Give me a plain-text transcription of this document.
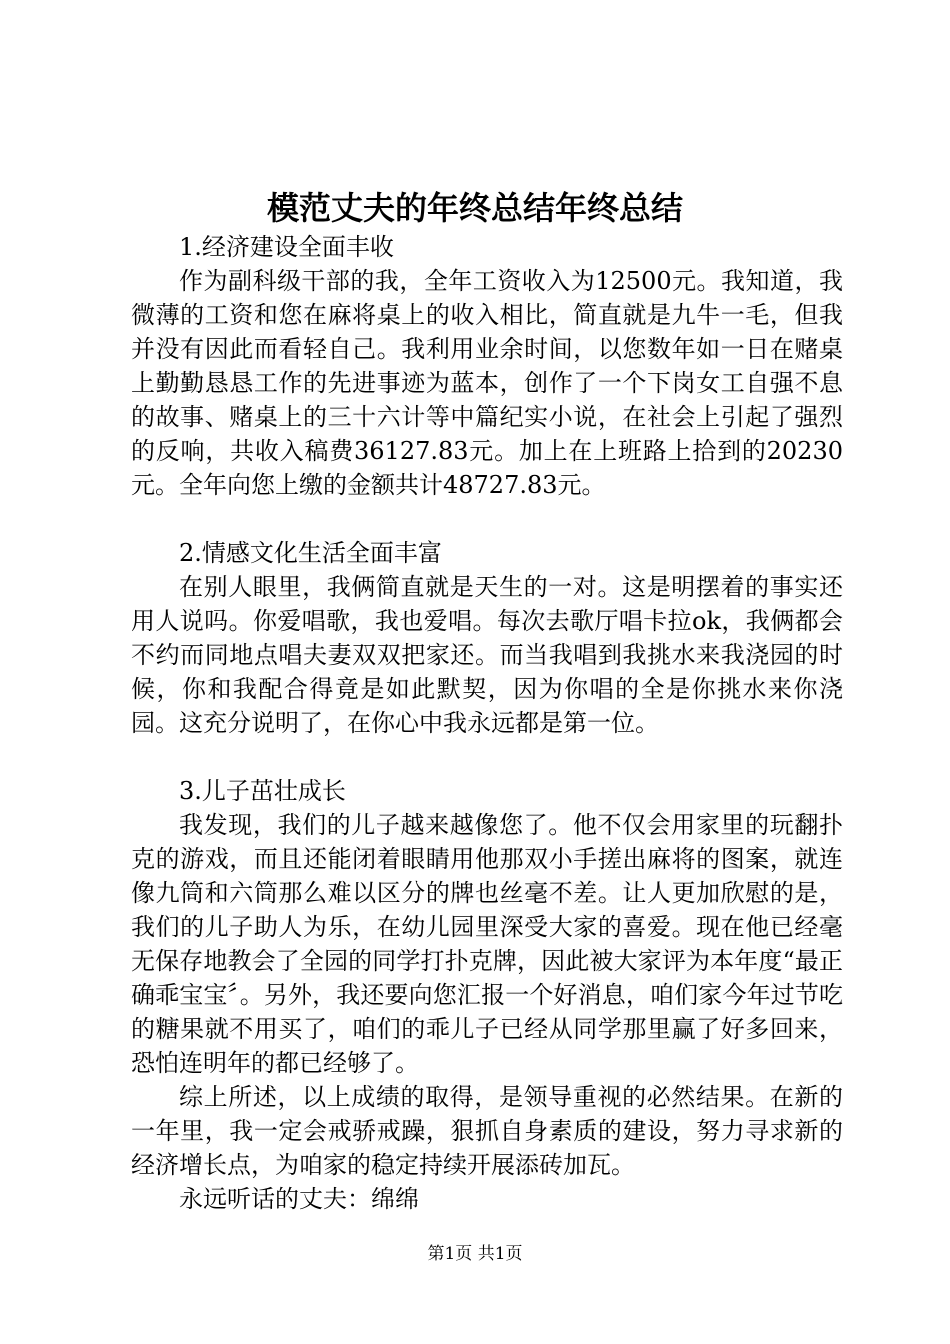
模范丈夫的年终总结年终总结

1.经济建设全面丰收

作为副科级干部的我，全年工资收入为12500元。我知道，我微薄的工资和您在麻将桌上的收入相比，简直就是九牛一毛，但我并没有因此而看轻自己。我利用业余时间，以您数年如一日在赌桌上勤勤恳恳工作的先进事迹为蓝本，创作了一个下岗女工自强不息的故事、赌桌上的三十六计等中篇纪实小说，在社会上引起了强烈的反响，共收入稿费36127.83元。加上在上班路上拾到的20230元。全年向您上缴的金额共计48727.83元。

2.情感文化生活全面丰富

在别人眼里，我俩简直就是天生的一对。这是明摆着的事实还用人说吗。你爱唱歌，我也爱唱。每次去歌厅唱卡拉ok，我俩都会不约而同地点唱夫妻双双把家还。而当我唱到我挑水来我浇园的时候，你和我配合得竟是如此默契，因为你唱的全是你挑水来你浇园。这充分说明了，在你心中我永远都是第一位。

3.儿子茁壮成长

我发现，我们的儿子越来越像您了。他不仅会用家里的玩翻扑克的游戏，而且还能闭着眼睛用他那双小手搓出麻将的图案，就连像九筒和六筒那么难以区分的牌也丝毫不差。让人更加欣慰的是，我们的儿子助人为乐，在幼儿园里深受大家的喜爱。现在他已经毫无保存地教会了全园的同学打扑克牌，因此被大家评为本年度“最正确乖宝宝〞。另外，我还要向您汇报一个好消息，咱们家今年过节吃的糖果就不用买了，咱们的乖儿子已经从同学那里赢了好多回来，恐怕连明年的都已经够了。

综上所述，以上成绩的取得，是领导重视的必然结果。在新的一年里，我一定会戒骄戒躁，狠抓自身素质的建设，努力寻求新的经济增长点，为咱家的稳定持续开展添砖加瓦。

永远听话的丈夫：绵绵

第1页 共1页
